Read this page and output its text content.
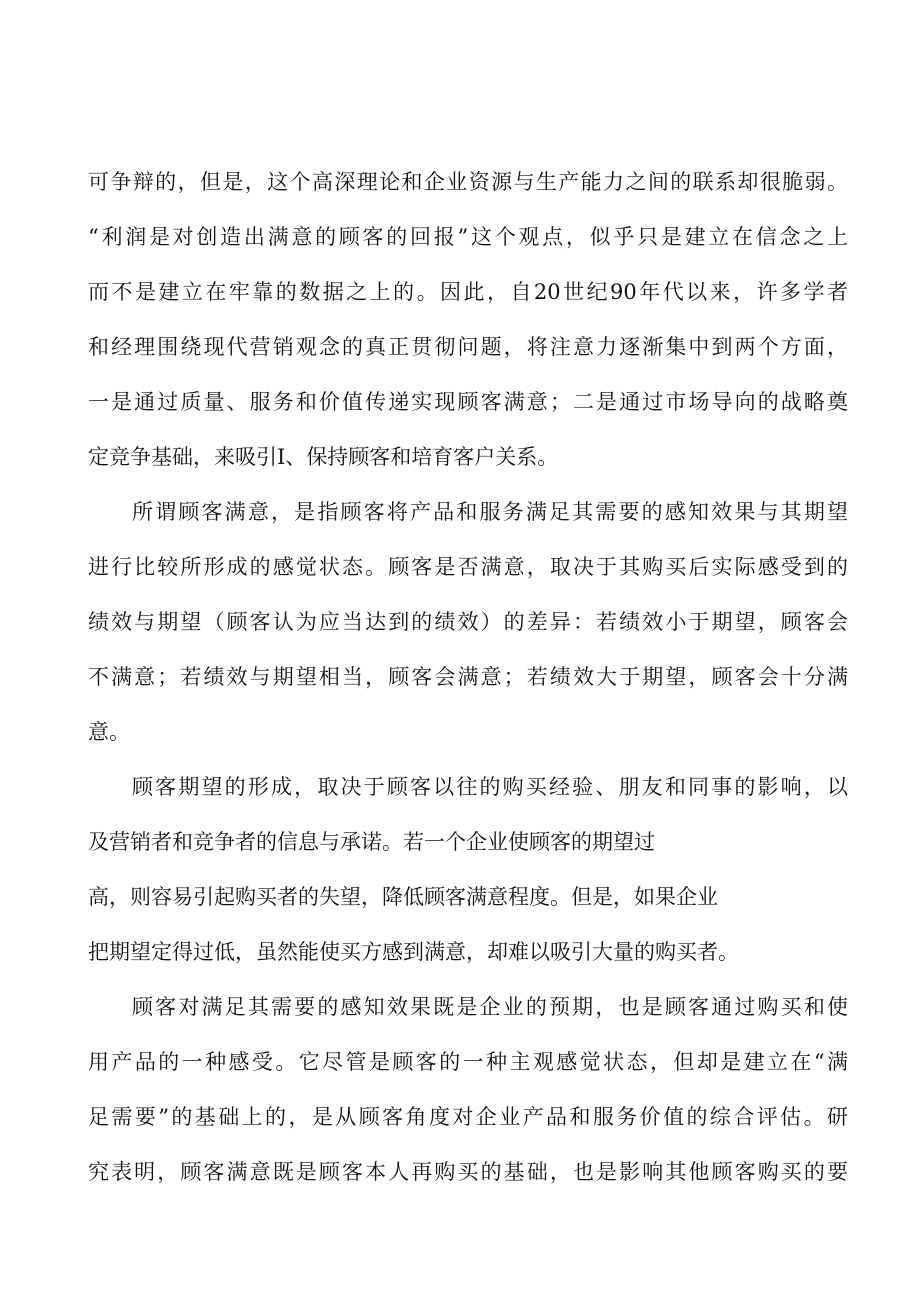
可争辩的，但是，这个高深理论和企业资源与生产能力之间的联系却很脆弱。
“利润是对创造出满意的顾客的回报”这个观点，似乎只是建立在信念之上
而不是建立在牢靠的数据之上的。因此，自20世纪90年代以来，许多学者
和经理围绕现代营销观念的真正贯彻问题，将注意力逐渐集中到两个方面，
一是通过质量、服务和价值传递实现顾客满意；二是通过市场导向的战略奠
定竞争基础，来吸引I、保持顾客和培育客户关系。
所谓顾客满意，是指顾客将产品和服务满足其需要的感知效果与其期望
进行比较所形成的感觉状态。顾客是否满意，取决于其购买后实际感受到的
绩效与期望（顾客认为应当达到的绩效）的差异：若绩效小于期望，顾客会
不满意；若绩效与期望相当，顾客会满意；若绩效大于期望，顾客会十分满
意。
顾客期望的形成，取决于顾客以往的购买经验、朋友和同事的影响，以
及营销者和竞争者的信息与承诺。若一个企业使顾客的期望过
高，则容易引起购买者的失望，降低顾客满意程度。但是，如果企业
把期望定得过低，虽然能使买方感到满意，却难以吸引大量的购买者。
顾客对满足其需要的感知效果既是企业的预期，也是顾客通过购买和使
用产品的一种感受。它尽管是顾客的一种主观感觉状态，但却是建立在“满
足需要”的基础上的，是从顾客角度对企业产品和服务价值的综合评估。研
究表明，顾客满意既是顾客本人再购买的基础，也是影响其他顾客购买的要
